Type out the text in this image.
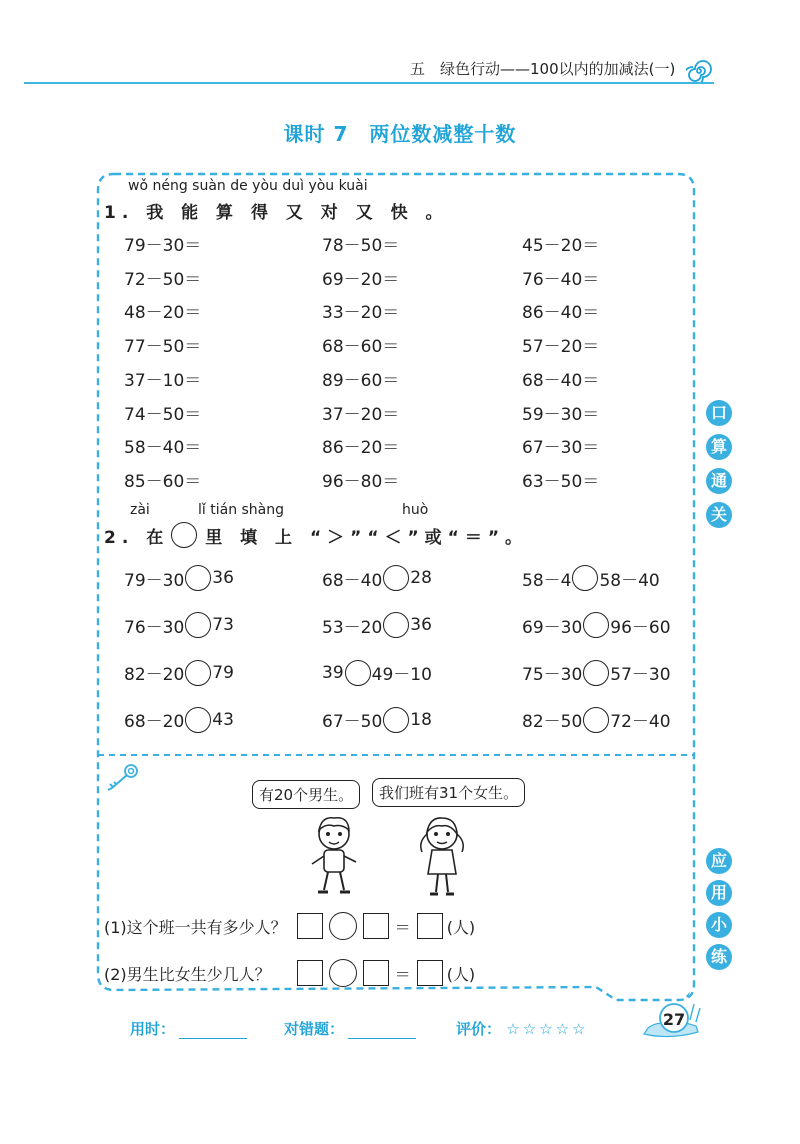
五　绿色行动——100以内的加减法(一)
课时 7　两位数减整十数
口
算
通
关
应
用
小
练
wǒ néng suàn de yòu duì yòu kuài
1. 我 能 算 得 又 对 又 快 。
79－30＝	78－50＝	45－20＝
72－50＝	69－20＝	76－40＝
48－20＝	33－20＝	86－40＝
77－50＝	68－60＝	57－20＝
37－10＝	89－60＝	68－40＝
74－50＝	37－20＝	59－30＝
58－40＝	86－20＝	67－30＝
85－60＝	96－80＝	63－50＝
zài	lǐ tián shàng	huò
2. 在 里 填 上 “＞”“＜”或“＝”。
79－30 36	68－40 28	58－4 58－40
76－30 73	53－20 36	69－30 96－60
82－20 79	39 49－10	75－30 57－30
68－20 43	67－50 18	82－50 72－40
有20个男生。	我们班有31个女生。
(1)这个班一共有多少人？	＝ (人)
(2)男生比女生少几人？	＝ (人)
用时：	对错题：	评价： ☆☆☆☆☆	27
